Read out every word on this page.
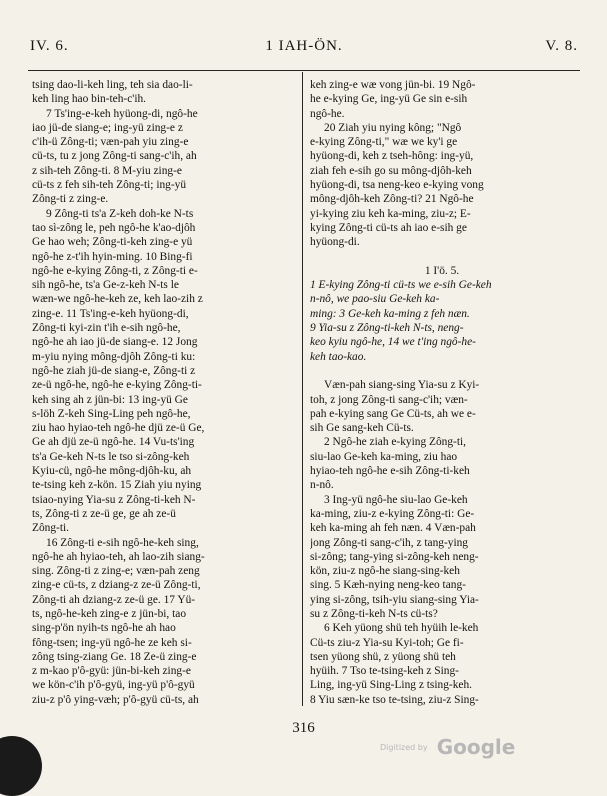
IV. 6.	1 IAH-ÖN.	V. 8.
tsing dao-li-keh ling, teh sia dao-li-
keh ling hao bin-teh-c'ih.
7 Ts'ing-e-keh hyüong-di, ngô-he
iao jü-de siang-e; ing-yü zing-e z
c'ih-ü Zông-ti; væn-pah yiu zing-e
cü-ts, tu z jong Zông-ti sang-c'ih, ah
z sih-teh Zông-ti. 8 M-yiu zing-e
cü-ts z feh sih-teh Zông-ti; ing-yü
Zông-ti z zing-e.
9 Zông-ti ts'a Z-keh doh-ke N-ts
tao sì-zông le, peh ngô-he k'ao-djôh
Ge hao weh; Zông-ti-keh zing-e yü
ngô-he z-t'ih hyin-ming. 10 Bing-fi
ngô-he e-kying Zông-ti, z Zông-ti e-
sih ngô-he, ts'a Ge-z-keh N-ts le
wæn-we ngô-he-keh ze, keh lao-zih z
zing-e. 11 Ts'ing-e-keh hyüong-di,
Zông-ti kyi-zin t'ih e-sih ngô-he,
ngô-he ah iao jü-de siang-e. 12 Jong
m-yiu nying mông-djôh Zông-ti ku:
ngô-he ziah jü-de siang-e, Zông-ti z
ze-ü ngô-he, ngô-he e-kying Zông-ti-
keh sing ah z jün-bi: 13 ing-yü Ge
s-löh Z-keh Sing-Ling peh ngô-he,
ziu hao hyiao-teh ngô-he djü ze-ü Ge,
Ge ah djü ze-ü ngô-he. 14 Vu-ts'ing
ts'a Ge-keh N-ts le tso si-zông-keh
Kyiu-cü, ngô-he mông-djôh-ku, ah
te-tsing keh z-kön. 15 Ziah yiu nying
tsiao-nying Yia-su z Zông-ti-keh N-
ts, Zông-ti z ze-ü ge, ge ah ze-ü
Zông-ti.
16 Zông-ti e-sih ngô-he-keh sing,
ngô-he ah hyiao-teh, ah lao-zih siang-
sing. Zông-ti z zing-e; væn-pah zeng
zing-e cü-ts, z dziang-z ze-ü Zông-ti,
Zông-ti ah dziang-z ze-ü ge. 17 Yü-
ts, ngô-he-keh zing-e z jün-bi, tao
sing-p'ön nyih-ts ngô-he ah hao
fông-tsen; ing-yü ngô-he ze keh si-
zông tsing-ziang Ge. 18 Ze-ü zing-e
z m-kao p'ô-gyü: jün-bi-keh zing-e
we kön-c'ih p'ô-gyü, ing-yü p'ô-gyü
ziu-z p'ô ying-væh; p'ô-gyü cü-ts, ah
keh zing-e wæ vong jün-bi. 19 Ngô-
he e-kying Ge, ing-yü Ge sin e-sih
ngô-he.
20 Ziah yiu nying kông; "Ngô
e-kying Zông-ti," wæ we ky'i ge
hyüong-di, keh z tseh-hông: ing-yü,
ziah feh e-sih go su mông-djôh-keh
hyüong-di, tsa neng-keo e-kying vong
mông-djôh-keh Zông-ti? 21 Ngô-he
yi-kying ziu keh ka-ming, ziu-z; E-
kying Zông-ti cü-ts ah iao e-sih ge
hyüong-di.
1 I'ö. 5.
1 E-kying Zông-ti cü-ts we e-sih Ge-keh
n-nô, we pao-siu Ge-keh ka-
ming: 3 Ge-keh ka-ming z feh næn.
9 Yia-su z Zông-ti-keh N-ts, neng-
keo kyiu ngô-he, 14 we t'ing ngô-he-
keh tao-kao.
Væn-pah siang-sing Yia-su z Kyi-
toh, z jong Zông-ti sang-c'ih; væn-
pah e-kying sang Ge Cü-ts, ah we e-
sih Ge sang-keh Cü-ts.
2 Ngô-he ziah e-kying Zông-ti,
siu-lao Ge-keh ka-ming, ziu hao
hyiao-teh ngô-he e-sih Zông-ti-keh
n-nô.
3 Ing-yü ngô-he siu-lao Ge-keh
ka-ming, ziu-z e-kying Zông-ti: Ge-
keh ka-ming ah feh næn. 4 Væn-pah
jong Zông-ti sang-c'ih, z tang-ying
si-zông; tang-ying si-zông-keh neng-
kön, ziu-z ngô-he siang-sing-keh
sing. 5 Kæh-nying neng-keo tang-
ying si-zông, tsih-yiu siang-sing Yia-
su z Zông-ti-keh N-ts cü-ts?
6 Keh yüong shü teh hyüih le-keh
Cü-ts ziu-z Yia-su Kyi-toh; Ge fi-
tsen yüong shü, z yüong shü teh
hyüih. 7 Tso te-tsing-keh z Sing-
Ling, ing-yü Sing-Ling z tsing-keh.
8 Yiu sæn-ke tso te-tsing, ziu-z Sing-
316
Digitized by Google
